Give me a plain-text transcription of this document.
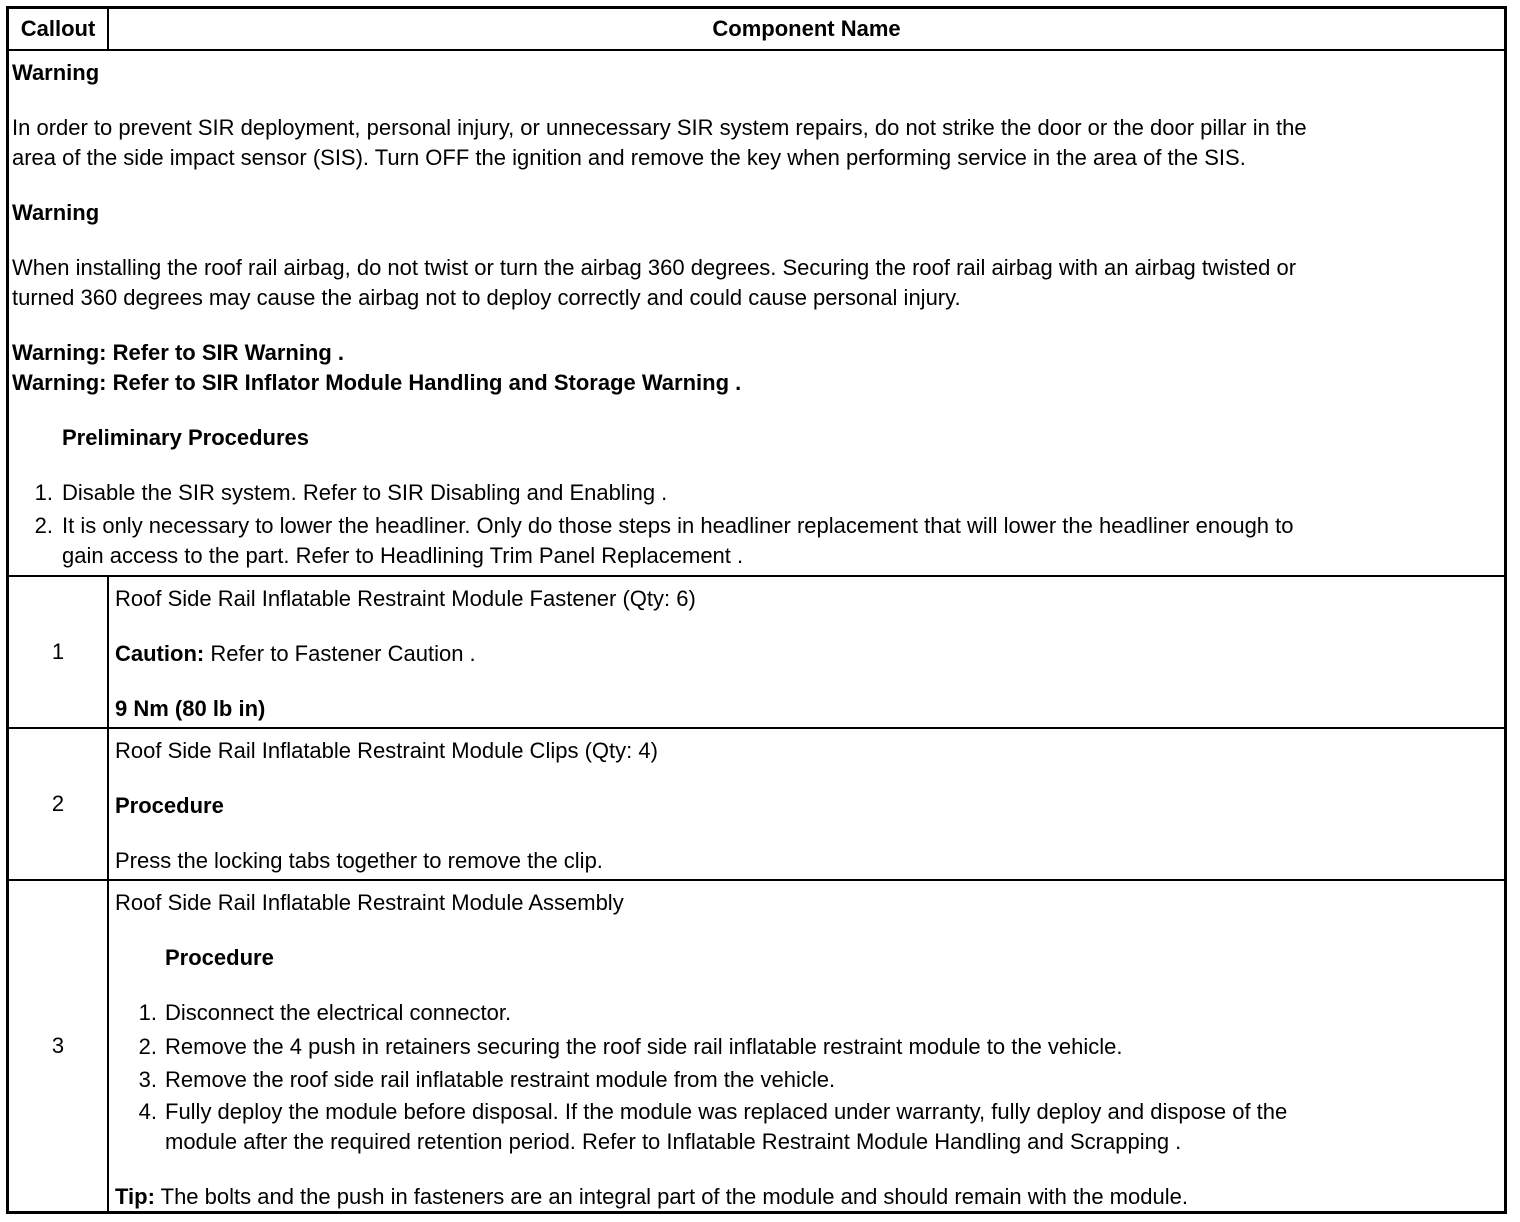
Callout	Component Name
Warning
In order to prevent SIR deployment, personal injury, or unnecessary SIR system repairs, do not strike the door or the door pillar in the
area of the side impact sensor (SIS). Turn OFF the ignition and remove the key when performing service in the area of the SIS.
Warning
When installing the roof rail airbag, do not twist or turn the airbag 360 degrees. Securing the roof rail airbag with an airbag twisted or
turned 360 degrees may cause the airbag not to deploy correctly and could cause personal injury.
Warning: Refer to SIR Warning .
Warning: Refer to SIR Inflator Module Handling and Storage Warning .
Preliminary Procedures
1. Disable the SIR system. Refer to SIR Disabling and Enabling .
2. It is only necessary to lower the headliner. Only do those steps in headliner replacement that will lower the headliner enough to
gain access to the part. Refer to Headlining Trim Panel Replacement .
1
Roof Side Rail Inflatable Restraint Module Fastener (Qty: 6)
Caution: Refer to Fastener Caution .
9 Nm (80 lb in)
2
Roof Side Rail Inflatable Restraint Module Clips (Qty: 4)
Procedure
Press the locking tabs together to remove the clip.
3
Roof Side Rail Inflatable Restraint Module Assembly
Procedure
1. Disconnect the electrical connector.
2. Remove the 4 push in retainers securing the roof side rail inflatable restraint module to the vehicle.
3. Remove the roof side rail inflatable restraint module from the vehicle.
4. Fully deploy the module before disposal. If the module was replaced under warranty, fully deploy and dispose of the
module after the required retention period. Refer to Inflatable Restraint Module Handling and Scrapping .
Tip: The bolts and the push in fasteners are an integral part of the module and should remain with the module.
